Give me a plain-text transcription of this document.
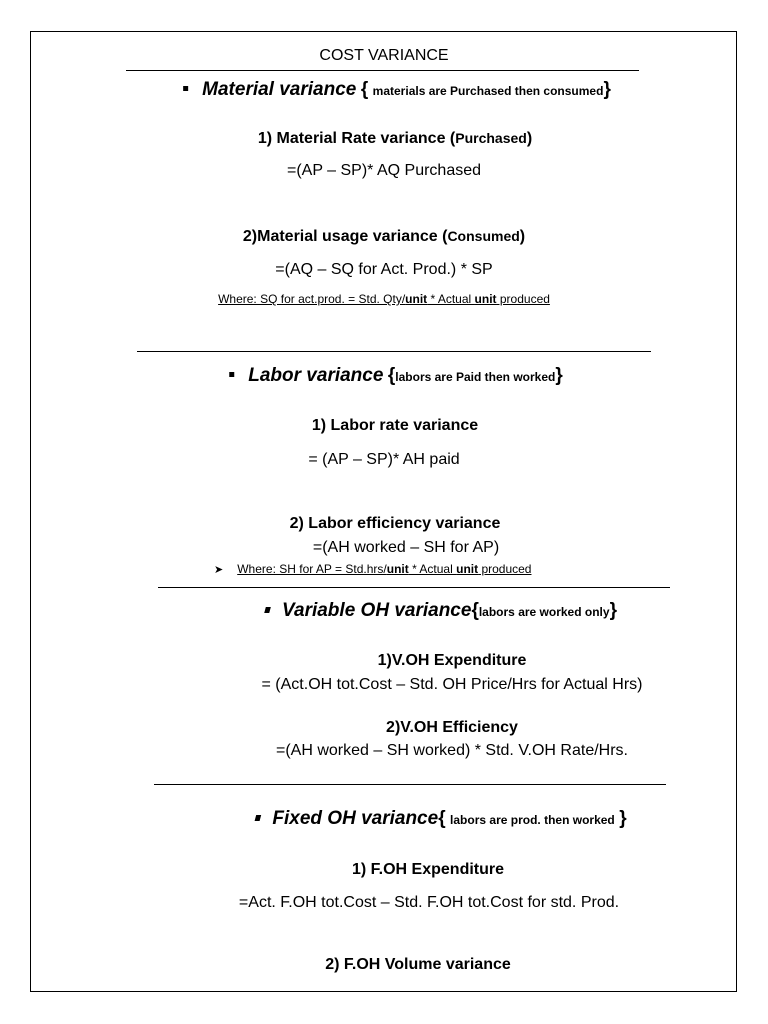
COST VARIANCE
Material variance { materials are Purchased then consumed}
1) Material Rate variance (Purchased)
=(AP – SP)* AQ Purchased
2)Material usage variance (Consumed)
=(AQ – SQ for Act. Prod.) * SP
Where: SQ for act.prod. = Std. Qty/unit * Actual unit produced
Labor variance {labors are Paid then worked}
1) Labor rate variance
= (AP – SP)* AH paid
2) Labor efficiency variance
=(AH worked – SH for AP)
➤ Where: SH for AP = Std.hrs/unit * Actual unit produced
Variable OH variance{labors are worked only}
1)V.OH Expenditure
= (Act.OH tot.Cost – Std. OH Price/Hrs for Actual Hrs)
2)V.OH Efficiency
=(AH worked – SH worked) * Std. V.OH Rate/Hrs.
Fixed OH variance{ labors are prod. then worked }
1) F.OH Expenditure
=Act. F.OH tot.Cost – Std. F.OH tot.Cost for std. Prod.
2) F.OH Volume variance
